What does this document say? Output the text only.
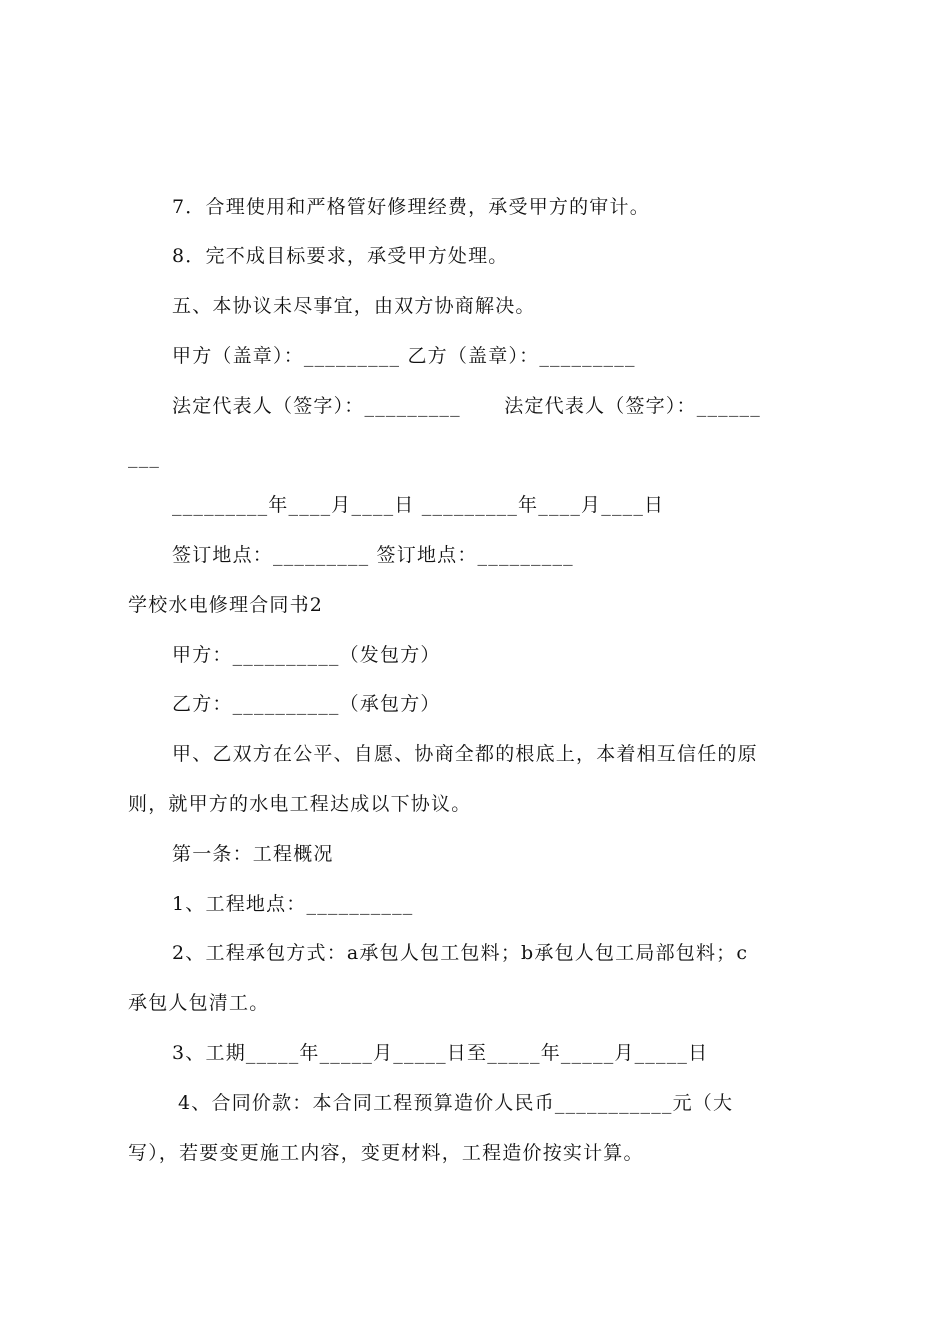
7．合理使用和严格管好修理经费，承受甲方的审计。
8．完不成目标要求，承受甲方处理。
五、本协议未尽事宜，由双方协商解决。
甲方（盖章）：_________ 乙方（盖章）：_________
法定代表人（签字）：_________      法定代表人（签字）：______
___
_________年____月____日 _________年____月____日
签订地点：_________ 签订地点：_________
学校水电修理合同书2
甲方：__________（发包方）
乙方：__________（承包方）
甲、乙双方在公平、自愿、协商全都的根底上，本着相互信任的原
则，就甲方的水电工程达成以下协议。
第一条：工程概况
1、工程地点：__________
2、工程承包方式：a承包人包工包料；b承包人包工局部包料；c
承包人包清工。
3、工期_____年_____月_____日至_____年_____月_____日
4、合同价款：本合同工程预算造价人民币___________元（大
写），若要变更施工内容，变更材料，工程造价按实计算。
